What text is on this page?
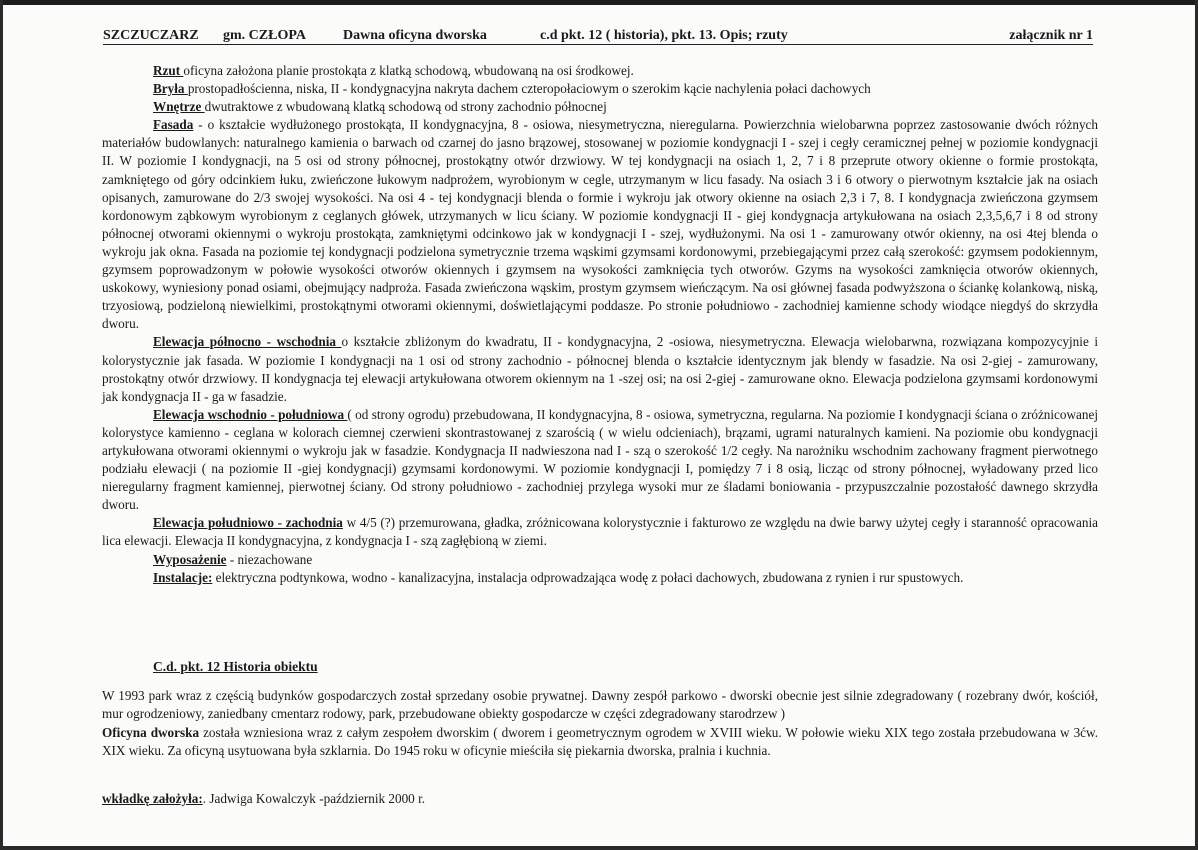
SZCZUCZARZ gm. CZŁOPA	Dawna oficyna dworska	c.d pkt. 12 ( historia), pkt. 13. Opis; rzuty	załącznik nr 1

Rzut oficyna założona planie prostokąta z klatką schodową, wbudowaną na osi środkowej.

Bryła prostopadłościenna, niska, II - kondygnacyjna nakryta dachem czteropołaciowym o szerokim kącie nachylenia połaci dachowych

Wnętrze dwutraktowe z wbudowaną klatką schodową od strony zachodnio północnej

Fasada - o kształcie wydłużonego prostokąta, II kondygnacyjna, 8 - osiowa, niesymetryczna, nieregularna. Powierzchnia wielobarwna poprzez zastosowanie dwóch różnych materiałów budowlanych: naturalnego kamienia o barwach od czarnej do jasno brązowej, stosowanej w poziomie kondygnacji I - szej i cegły ceramicznej pełnej w poziomie kondygnacji II. W poziomie I kondygnacji, na 5 osi od strony północnej, prostokątny otwór drzwiowy. W tej kondygnacji na osiach 1, 2, 7 i 8 przeprute otwory okienne o formie prostokąta, zamkniętego od góry odcinkiem łuku, zwieńczone łukowym nadprożem, wyrobionym w cegle, utrzymanym w licu fasady. Na osiach 3 i 6 otwory o pierwotnym kształcie jak na osiach opisanych, zamurowane do 2/3 swojej wysokości. Na osi 4 - tej kondygnacji blenda o formie i wykroju jak otwory okienne na osiach 2,3 i 7, 8. I kondygnacja zwieńczona gzymsem kordonowym ząbkowym wyrobionym z ceglanych główek, utrzymanych w licu ściany. W poziomie kondygnacji II - giej kondygnacja artykułowana na osiach 2,3,5,6,7 i 8 od strony północnej otworami okiennymi o wykroju prostokąta, zamkniętymi odcinkowo jak w kondygnacji I - szej, wydłużonymi. Na osi 1 - zamurowany otwór okienny, na osi 4tej blenda o wykroju jak okna. Fasada na poziomie tej kondygnacji podzielona symetrycznie trzema wąskimi gzymsami kordonowymi, przebiegającymi przez całą szerokość: gzymsem podokiennym, gzymsem poprowadzonym w połowie wysokości otworów okiennych i gzymsem na wysokości zamknięcia tych otworów. Gzyms na wysokości zamknięcia otworów okiennych, uskokowy, wyniesiony ponad osiami, obejmujący nadproża. Fasada zwieńczona wąskim, prostym gzymsem wieńczącym. Na osi głównej fasada podwyższona o ściankę kolankową, niską, trzyosiową, podzieloną niewielkimi, prostokątnymi otworami okiennymi, doświetlającymi poddasze. Po stronie południowo - zachodniej kamienne schody wiodące niegdyś do skrzydła dworu.

Elewacja północno - wschodnia o kształcie zbliżonym do kwadratu, II - kondygnacyjna, 2 -osiowa, niesymetryczna. Elewacja wielobarwna, rozwiązana kompozycyjnie i kolorystycznie jak fasada. W poziomie I kondygnacji na 1 osi od strony zachodnio - północnej blenda o kształcie identycznym jak blendy w fasadzie. Na osi 2-giej - zamurowany, prostokątny otwór drzwiowy. II kondygnacja tej elewacji artykułowana otworem okiennym na 1 -szej osi; na osi 2-giej - zamurowane okno. Elewacja podzielona gzymsami kordonowymi jak kondygnacja II - ga w fasadzie.

Elewacja wschodnio - południowa ( od strony ogrodu) przebudowana, II kondygnacyjna, 8 - osiowa, symetryczna, regularna. Na poziomie I kondygnacji ściana o zróżnicowanej kolorystyce kamienno - ceglana w kolorach ciemnej czerwieni skontrastowanej z szarością ( w wielu odcieniach), brązami, ugrami naturalnych kamieni. Na poziomie obu kondygnacji artykułowana otworami okiennymi o wykroju jak w fasadzie. Kondygnacja II nadwieszona nad I - szą o szerokość 1/2 cegły. Na narożniku wschodnim zachowany fragment pierwotnego podziału elewacji ( na poziomie II -giej kondygnacji) gzymsami kordonowymi. W poziomie kondygnacji I, pomiędzy 7 i 8 osią, licząc od strony północnej, wyładowany przed lico nieregularny fragment kamiennej, pierwotnej ściany. Od strony południowo - zachodniej przylega wysoki mur ze śladami boniowania - przypuszczalnie pozostałość dawnego skrzydła dworu.

Elewacja południowo - zachodnia w 4/5 (?) przemurowana, gładka, zróżnicowana kolorystycznie i fakturowo ze względu na dwie barwy użytej cegły i staranność opracowania lica elewacji. Elewacja II kondygnacyjna, z kondygnacja I - szą zagłębioną w ziemi.

Wyposażenie - niezachowane

Instalacje: elektryczna podtynkowa, wodno - kanalizacyjna, instalacja odprowadzająca wodę z połaci dachowych, zbudowana z rynien i rur spustowych.

C.d. pkt. 12 Historia obiektu

W 1993 park wraz z częścią budynków gospodarczych został sprzedany osobie prywatnej. Dawny zespół parkowo - dworski obecnie jest silnie zdegradowany ( rozebrany dwór, kościół, mur ogrodzeniowy, zaniedbany cmentarz rodowy, park, przebudowane obiekty gospodarcze w części zdegradowany starodrzew )

Oficyna dworska została wzniesiona wraz z całym zespołem dworskim ( dworem i geometrycznym ogrodem w XVIII wieku. W połowie wieku XIX tego została przebudowana w 3ćw. XIX wieku. Za oficyną usytuowana była szklarnia. Do 1945 roku w oficynie mieściła się piekarnia dworska, pralnia i kuchnia.

wkładkę założyła:. Jadwiga Kowalczyk -październik 2000 r.
